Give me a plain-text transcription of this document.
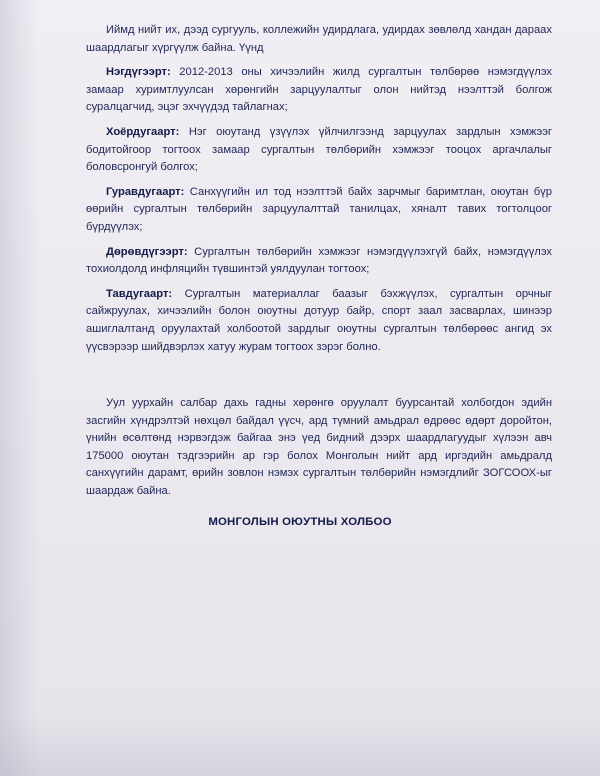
Иймд нийт их, дээд сургууль, коллежийн удирдлага, удирдах зөвлөлд хандан дараах шаардлагыг хүргүүлж байна. Үүнд

Нэгдүгээрт: 2012-2013 оны хичээлийн жилд сургалтын төлбөрөө нэмэгдүүлэх замаар хуримтлуулсан хөрөнгийн зарцуулалтыг олон нийтэд нээлттэй болгож суралцагчид, эцэг эхчүүдэд тайлагнах;

Хоёрдугаарт: Нэг оюутанд үзүүлэх үйлчилгээнд зарцуулах зардлын хэмжээг бодитойгоор тогтоох замаар сургалтын төлбөрийн хэмжээг тооцох аргачлалыг боловсронгуй болгох;

Гуравдугаарт: Санхүүгийн ил тод нээлттэй байх зарчмыг баримтлан, оюутан бүр өөрийн сургалтын төлбөрийн зарцуулалттай танилцах, хяналт тавих тогтолцоог бүрдүүлэх;

Дөрөвдүгээрт: Сургалтын төлбөрийн хэмжээг нэмэгдүүлэхгүй байх, нэмэгдүүлэх тохиолдолд инфляцийн түвшинтэй уялдуулан тогтоох;

Тавдугаарт: Сургалтын материаллаг баазыг бэхжүүлэх, сургалтын орчныг сайжруулах, хичээлийн болон оюутны дотуур байр, спорт заал засварлах, шинээр ашиглалтанд оруулахтай холбоотой зардлыг оюутны сургалтын төлбөрөөс ангид эх үүсвэрээр шийдвэрлэх хатуу журам тогтоох зэрэг болно.

Уул уурхайн салбар дахь гадны хөрөнгө оруулалт буурсантай холбогдон эдийн засгийн хүндрэлтэй нөхцөл байдал үүсч, ард түмний амьдрал өдрөөс өдөрт доройтон, үнийн өсөлтөнд нэрвэгдэж байгаа энэ үед бидний дээрх шаардлагуудыг хүлээн авч 175000 оюутан тэдгээрийн ар гэр болох Монголын нийт ард иргэдийн амьдралд санхүүгийн дарамт, өрийн зовлон нэмэх сургалтын төлбөрийн нэмэгдлийг ЗОГСООХ-ыг шаардаж байна.

МОНГОЛЫН ОЮУТНЫ ХОЛБОО
